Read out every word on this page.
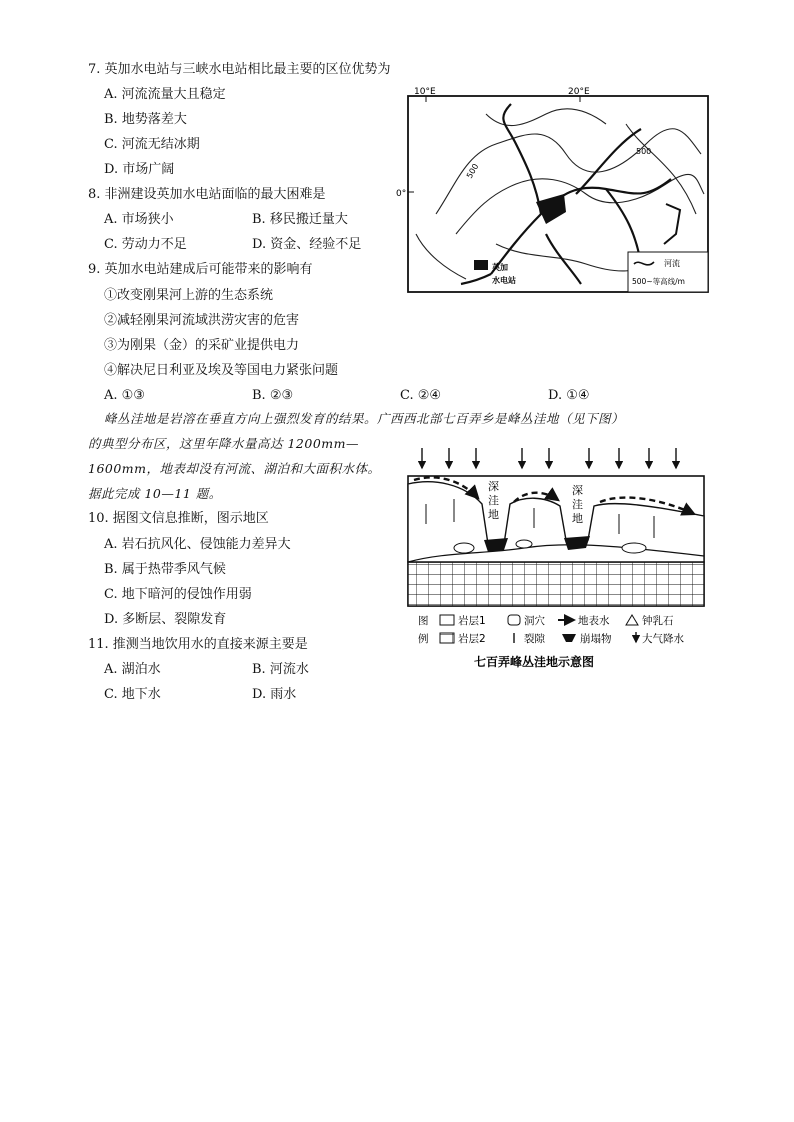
7. 英加水电站与三峡水电站相比最主要的区位优势为
A. 河流流量大且稳定
B. 地势落差大
C. 河流无结冰期
D. 市场广阔
8. 非洲建设英加水电站面临的最大困难是
A. 市场狭小	B. 移民搬迁量大
C. 劳动力不足	D. 资金、经验不足
9. 英加水电站建成后可能带来的影响有
①改变刚果河上游的生态系统
②减轻刚果河流域洪涝灾害的危害
③为刚果（金）的采矿业提供电力
④解决尼日利亚及埃及等国电力紧张问题
A. ①③	B. ②③	C. ②④	D. ①④
10°E	20°E
0°
500
500
英加
水电站
河流
500~等高线/m
峰丛洼地是岩溶在垂直方向上强烈发育的结果。广西西北部七百弄乡是峰丛洼地（见下图）
的典型分布区，这里年降水量高达 1200mm—
1600mm，地表却没有河流、湖泊和大面积水体。
据此完成 10—11 题。
10. 据图文信息推断，图示地区
A. 岩石抗风化、侵蚀能力差异大
B. 属于热带季风气候
C. 地下暗河的侵蚀作用弱
D. 多断层、裂隙发育
11. 推测当地饮用水的直接来源主要是
A. 湖泊水	B. 河流水
C. 地下水	D. 雨水
深
洼
地
深
洼
地
图
例
岩层1	洞穴	地表水	钟乳石
岩层2	裂隙	崩塌物	大气降水
七百弄峰丛洼地示意图
